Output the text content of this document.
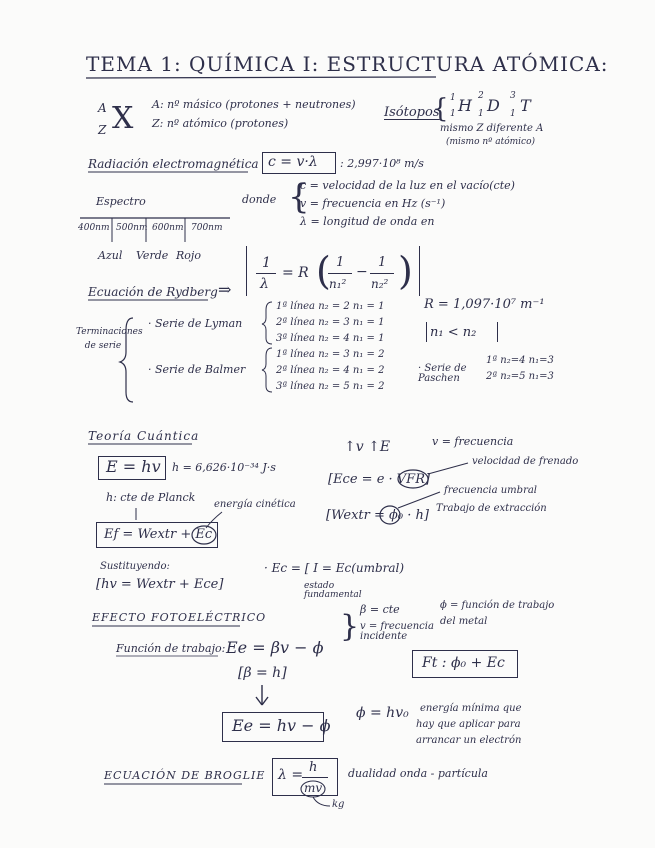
TEMA 1: QUÍMICA I: ESTRUCTURA ATÓMICA:
A
Z X A: nº másico (protones + neutrones)
Z: nº atómico (protones)
Isótopos
{ 1
1 H 2
1 D 3
1 T
mismo Z diferente A
(mismo nº atómico)
Radiación electromagnética c = v·λ : 2,997·10⁸ m/s
donde {
c = velocidad de la luz en el vacío(cte)
v = frecuencia en Hz (s⁻¹)
λ = longitud de onda en
Espectro
400nm 500nm 600nm 700nm
Azul Verde Rojo
Ecuación de Rydberg ⇒
1
λ
= R ( 1
n₁²
−
1
n₂² )
R = 1,097·10⁷ m⁻¹
n₁ < n₂
Terminaciones de serie
· Serie de Lyman
1ª línea n₂ = 2 n₁ = 1
2ª línea n₂ = 3 n₁ = 1
3ª línea n₂ = 4 n₁ = 1
· Serie de Balmer
1ª línea n₂ = 3 n₁ = 2
2ª línea n₂ = 4 n₁ = 2
3ª línea n₂ = 5 n₁ = 2
· Serie de Paschen
1ª n₂=4 n₁=3
2ª n₂=5 n₁=3
Teoría Cuántica
E = hv h = 6,626·10⁻³⁴ J·s
h: cte de Planck
energía cinética
Ef = Wextr + Ec
Sustituyendo:
[hv = Wextr + Ece]
↑v ↑E	v = frecuencia
[Ece = e · VFR]
velocidad de frenado
frecuencia umbral
[Wextr = ϕ₀ · h] Trabajo de extracción
· Ec = [ I = Ec(umbral)
estado fundamental
EFECTO FOTOELÉCTRICO
β = cte
v = frecuencia incidente
}
ϕ = función de trabajo del metal
Función de trabajo: Ee = βv − ϕ
[β = h]
Ft : ϕ₀ + Ec
Ee = hv − ϕ
ϕ = hv₀ energía mínima que
hay que aplicar para
arrancar un electrón
ECUACIÓN DE BROGLIE λ = h
mv
kg
dualidad onda - partícula
